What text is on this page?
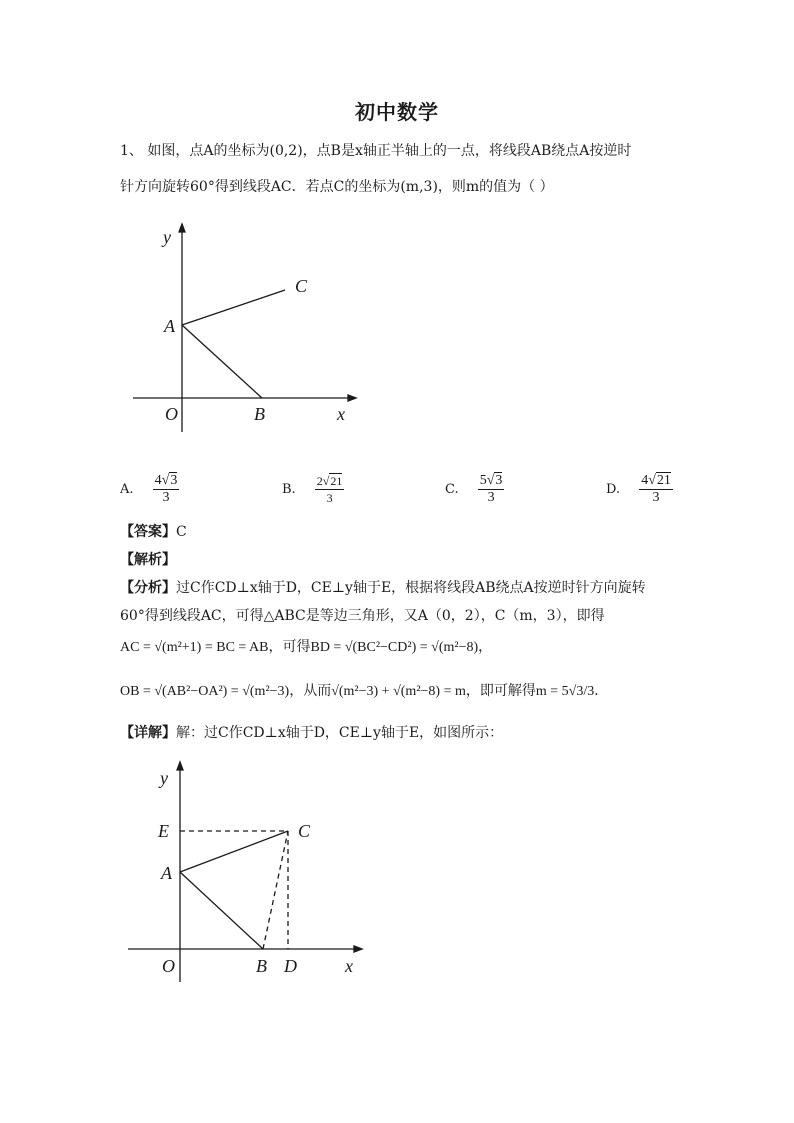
初中数学
1、 如图，点A的坐标为(0,2)，点B是x轴正半轴上的一点，将线段AB绕点A按逆时
针方向旋转60°得到线段AC．若点C的坐标为(m,3)，则m的值为（ ）
y
C
A
O	B	x
A. $\frac{4√3}{3}$	B. $\frac{2√21}{3}$	C. $\frac{5√3}{3}$	D. $\frac{4√21}{3}$
【答案】C
【解析】
【分析】过C作CD⊥x轴于D，CE⊥y轴于E，根据将线段AB绕点A按逆时针方向旋转
60°得到线段AC，可得△ABC是等边三角形，又A（0，2），C（m，3），即得
AC = √(m²+1) = BC = AB，可得BD = √(BC²−CD²) = √(m²−8)，
OB = √(AB²−OA²) = √(m²−3)，从而√(m²−3) + √(m²−8) = m，即可解得m = 5√3/3．
【详解】解：过C作CD⊥x轴于D，CE⊥y轴于E，如图所示：
y
E	C
A
O	B D	x
